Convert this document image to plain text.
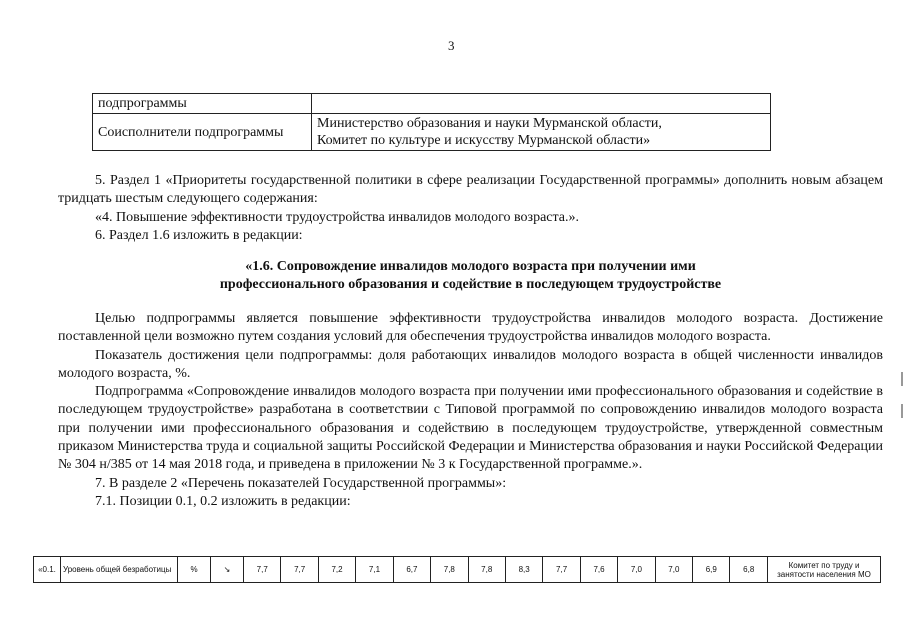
3
подпрограммы	
Соисполнители подпрограммы	Министерство образования и науки Мурманской области,
Комитет по культуре и искусству Мурманской области»

5. Раздел 1 «Приоритеты государственной политики в сфере реализации Государственной программы» дополнить новым абзацем тридцать шестым следующего содержания:

«4. Повышение эффективности трудоустройства инвалидов молодого возраста.».

6. Раздел 1.6 изложить в редакции:

«1.6. Сопровождение инвалидов молодого возраста при получении ими
профессионального образования и содействие в последующем трудоустройстве

Целью подпрограммы является повышение эффективности трудоустройства инвалидов молодого возраста. Достижение поставленной цели возможно путем создания условий для обеспечения трудоустройства инвалидов молодого возраста.

Показатель достижения цели подпрограммы: доля работающих инвалидов молодого возраста в общей численности инвалидов молодого возраста, %.

Подпрограмма «Сопровождение инвалидов молодого возраста при получении ими профессионального образования и содействие в последующем трудоустройстве» разработана в соответствии с Типовой программой по сопровождению инвалидов молодого возраста при получении ими профессионального образования и содействию в последующем трудоустройстве, утвержденной совместным приказом Министерства труда и социальной защиты Российской Федерации и Министерства образования и науки Российской Федерации № 304 н/385 от 14 мая 2018 года, и приведена в приложении № 3 к Государственной программе.».

7. В разделе 2 «Перечень показателей Государственной программы»:

7.1. Позиции 0.1, 0.2 изложить в редакции:

«0.1.	Уровень общей безработицы	%	↘	7,7	7,7	7,2	7,1	6,7	7,8	7,8	8,3	7,7	7,6	7,0	7,0	6,9	6,8	Комитет по труду и занятости населения МО
